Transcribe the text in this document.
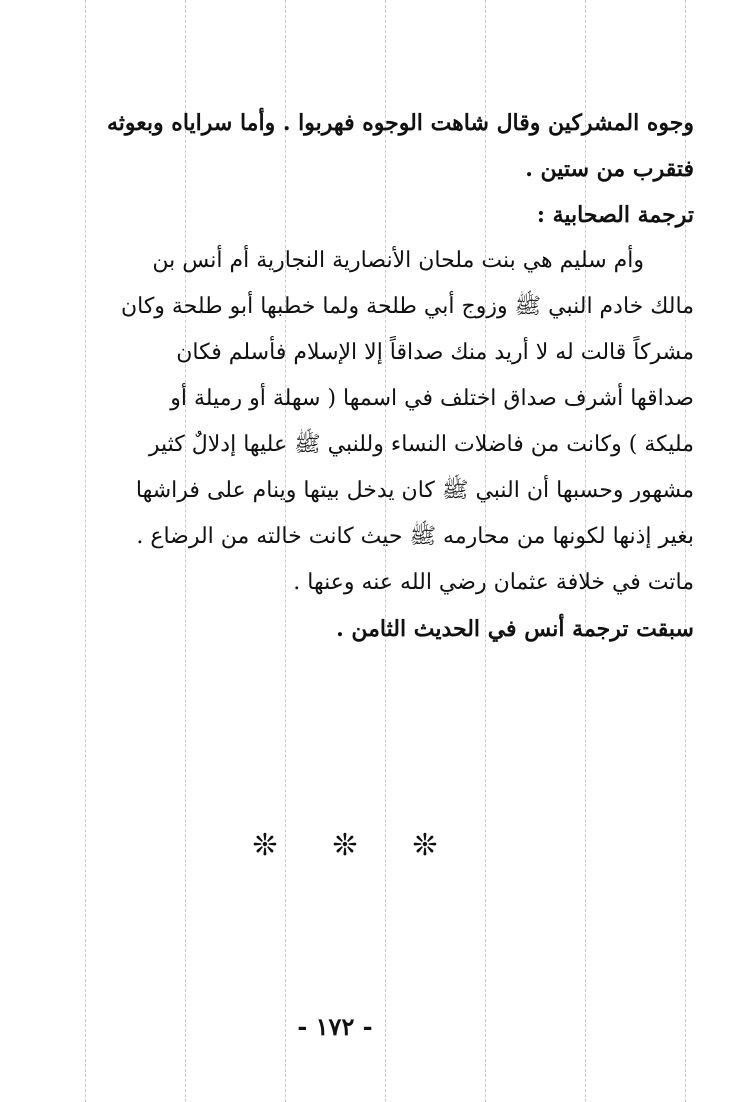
وجوه المشركين وقال شاهت الوجوه فهربوا . وأما سراياه وبعوثه
فتقرب من ستين .
ترجمة الصحابية :
وأم سليم هي بنت ملحان الأنصارية النجارية أم أنس بن
مالك خادم النبي ﷺ وزوج أبي طلحة ولما خطبها أبو طلحة وكان
مشركاً قالت له لا أريد منك صداقاً إلا الإسلام فأسلم فكان
صداقها أشرف صداق اختلف في اسمها ( سهلة أو رميلة أو
مليكة ) وكانت من فاضلات النساء وللنبي ﷺ عليها إدلالٌ كثير
مشهور وحسبها أن النبي ﷺ كان يدخل بيتها وينام على فراشها
بغير إذنها لكونها من محارمه ﷺ حيث كانت خالته من الرضاع .
ماتت في خلافة عثمان رضي الله عنه وعنها .
سبقت ترجمة أنس في الحديث الثامن .
❊ ❊ ❊
- ١٧٢ -
